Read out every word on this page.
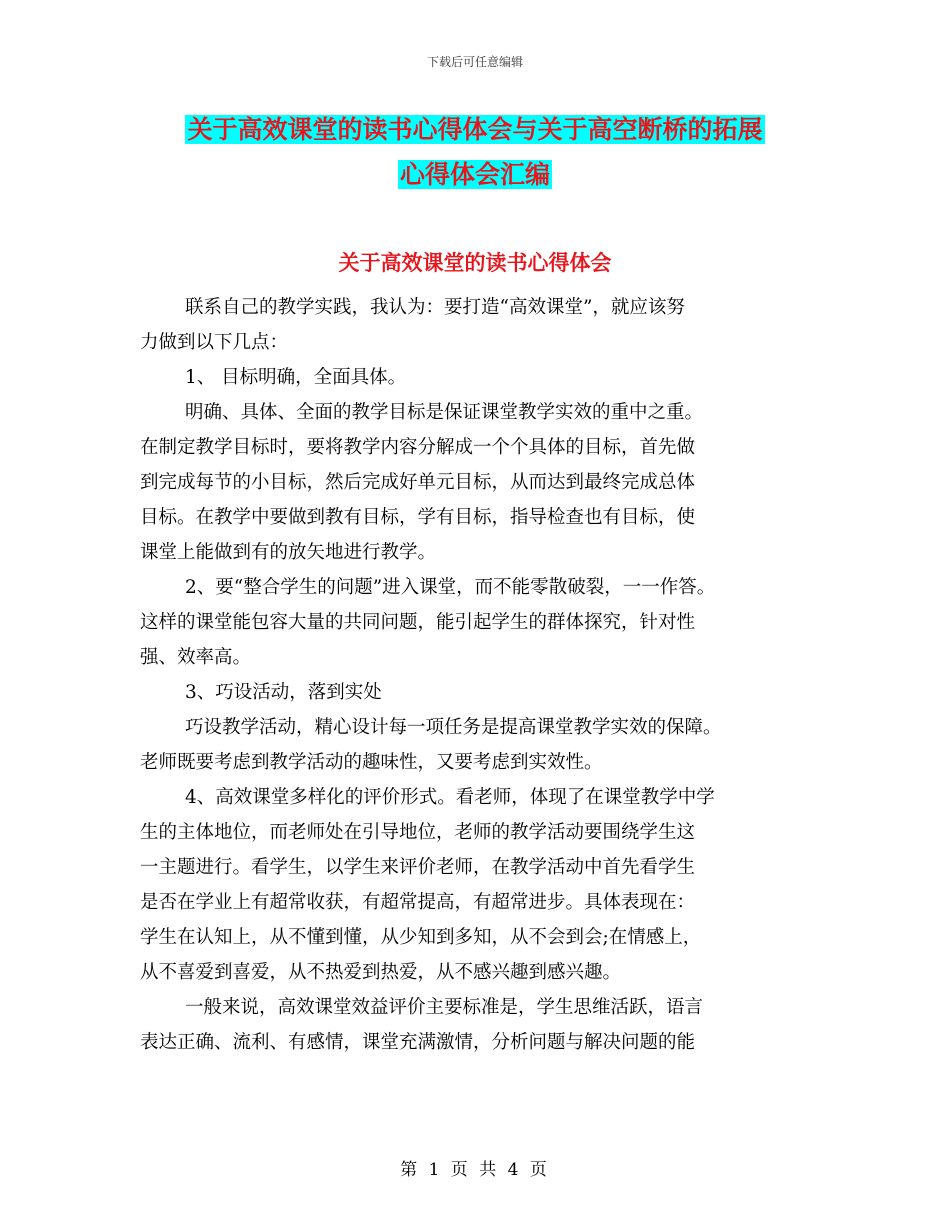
下载后可任意编辑
关于高效课堂的读书心得体会与关于高空断桥的拓展
心得体会汇编
关于高效课堂的读书心得体会
联系自己的教学实践，我认为：要打造“高效课堂”，就应该努
力做到以下几点：
1、 目标明确，全面具体。
明确、具体、全面的教学目标是保证课堂教学实效的重中之重。
在制定教学目标时，要将教学内容分解成一个个具体的目标，首先做
到完成每节的小目标，然后完成好单元目标，从而达到最终完成总体
目标。在教学中要做到教有目标，学有目标，指导检查也有目标，使
课堂上能做到有的放矢地进行教学。
2、要“整合学生的问题”进入课堂，而不能零散破裂，一一作答。
这样的课堂能包容大量的共同问题，能引起学生的群体探究，针对性
强、效率高。
3、巧设活动，落到实处
巧设教学活动，精心设计每一项任务是提高课堂教学实效的保障。
老师既要考虑到教学活动的趣味性，又要考虑到实效性。
4、高效课堂多样化的评价形式。看老师，体现了在课堂教学中学
生的主体地位，而老师处在引导地位，老师的教学活动要围绕学生这
一主题进行。看学生，以学生来评价老师，在教学活动中首先看学生
是否在学业上有超常收获，有超常提高，有超常进步。具体表现在：
学生在认知上，从不懂到懂，从少知到多知，从不会到会;在情感上，
从不喜爱到喜爱，从不热爱到热爱，从不感兴趣到感兴趣。
一般来说，高效课堂效益评价主要标准是，学生思维活跃，语言
表达正确、流利、有感情，课堂充满激情，分析问题与解决问题的能
第 1 页 共 4 页
